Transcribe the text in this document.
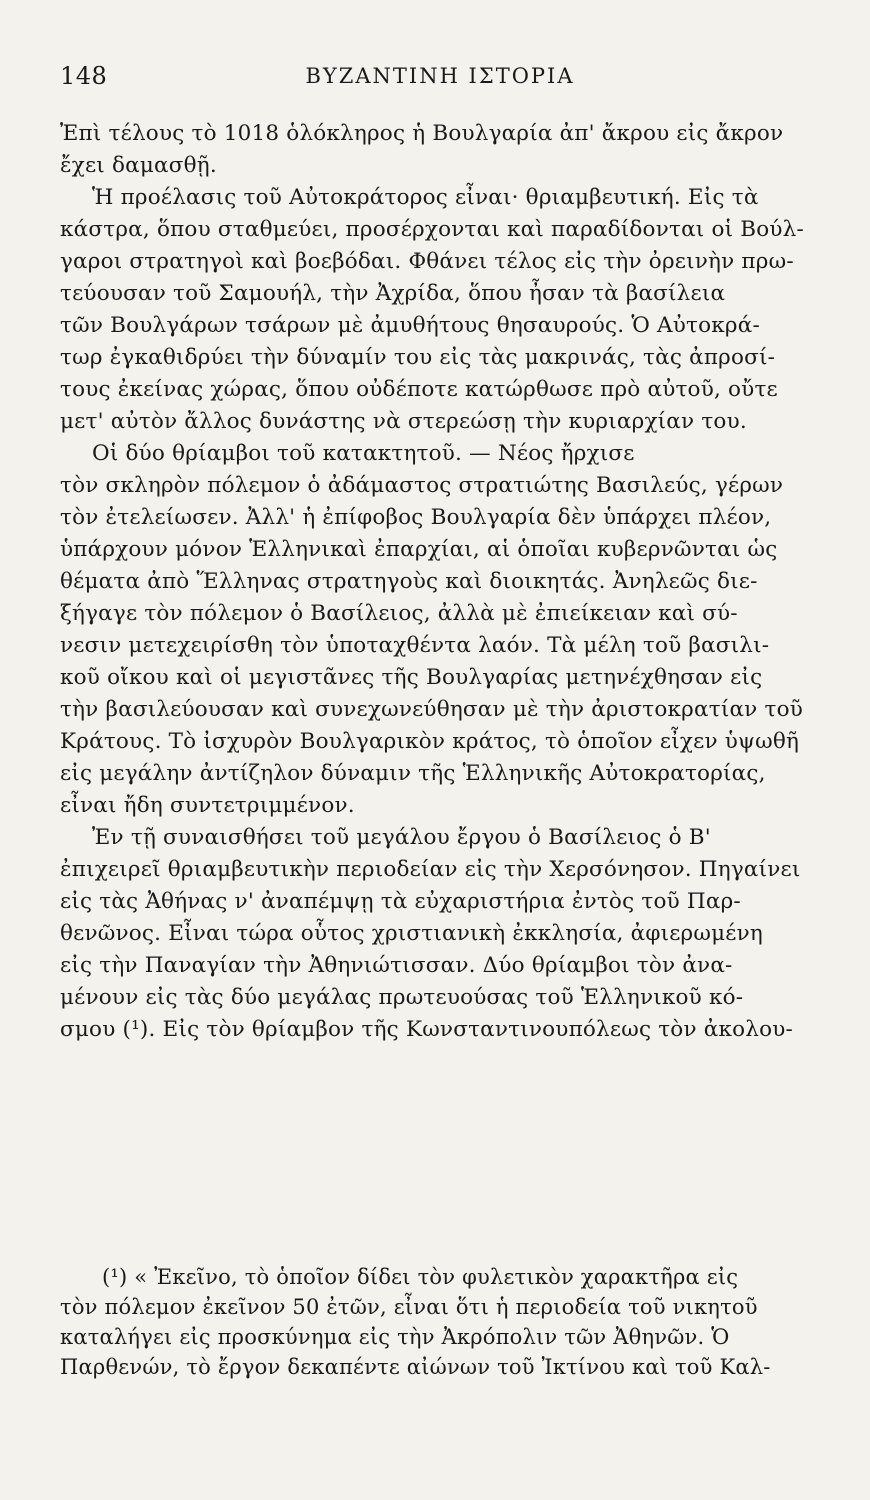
148	ΒΥΖΑΝΤΙΝΗ ΙΣΤΟΡΙΑ
Ἐπὶ τέλους τὸ 1018 ὁλόκληρος ἡ Βουλγαρία ἀπ' ἄκρου εἰς ἄκρον
ἔχει δαμασθῇ.
Ἡ προέλασις τοῦ Αὐτοκράτορος εἶναι· θριαμβευτική. Εἰς τὰ
κάστρα, ὅπου σταθμεύει, προσέρχονται καὶ παραδίδονται οἱ Βούλ-
γαροι στρατηγοὶ καὶ βοεβόδαι. Φθάνει τέλος εἰς τὴν ὀρεινὴν πρω-
τεύουσαν τοῦ Σαμουήλ, τὴν Ἀχρίδα, ὅπου ἦσαν τὰ βασίλεια
τῶν Βουλγάρων τσάρων μὲ ἀμυθήτους θησαυρούς. Ὁ Αὐτοκρά-
τωρ ἐγκαθιδρύει τὴν δύναμίν του εἰς τὰς μακρινάς, τὰς ἀπροσί-
τους ἐκείνας χώρας, ὅπου οὐδέποτε κατώρθωσε πρὸ αὐτοῦ, οὔτε
μετ' αὐτὸν ἄλλος δυνάστης νὰ στερεώσῃ τὴν κυριαρχίαν του.
Οἱ δύο θρίαμβοι τοῦ κατακτητοῦ. — Νέος ἤρχισε
τὸν σκληρὸν πόλεμον ὁ ἀδάμαστος στρατιώτης Βασιλεύς, γέρων
τὸν ἐτελείωσεν. Ἀλλ' ἡ ἐπίφοβος Βουλγαρία δὲν ὑπάρχει πλέον,
ὑπάρχουν μόνον Ἑλληνικαὶ ἐπαρχίαι, αἱ ὁποῖαι κυβερνῶνται ὡς
θέματα ἀπὸ Ἕλληνας στρατηγοὺς καὶ διοικητάς. Ἀνηλεῶς διε-
ξήγαγε τὸν πόλεμον ὁ Βασίλειος, ἀλλὰ μὲ ἐπιείκειαν καὶ σύ-
νεσιν μετεχειρίσθη τὸν ὑποταχθέντα λαόν. Τὰ μέλη τοῦ βασιλι-
κοῦ οἴκου καὶ οἱ μεγιστᾶνες τῆς Βουλγαρίας μετηνέχθησαν εἰς
τὴν βασιλεύουσαν καὶ συνεχωνεύθησαν μὲ τὴν ἀριστοκρατίαν τοῦ
Κράτους. Τὸ ἰσχυρὸν Βουλγαρικὸν κράτος, τὸ ὁποῖον εἶχεν ὑψωθῆ
εἰς μεγάλην ἀντίζηλον δύναμιν τῆς Ἑλληνικῆς Αὐτοκρατορίας,
εἶναι ἤδη συντετριμμένον.
Ἐν τῇ συναισθήσει τοῦ μεγάλου ἔργου ὁ Βασίλειος ὁ Β'
ἐπιχειρεῖ θριαμβευτικὴν περιοδείαν εἰς τὴν Χερσόνησον. Πηγαίνει
εἰς τὰς Ἀθήνας ν' ἀναπέμψῃ τὰ εὐχαριστήρια ἐντὸς τοῦ Παρ-
θενῶνος. Εἶναι τώρα οὗτος χριστιανικὴ ἐκκλησία, ἀφιερωμένη
εἰς τὴν Παναγίαν τὴν Ἀθηνιώτισσαν. Δύο θρίαμβοι τὸν ἀνα-
μένουν εἰς τὰς δύο μεγάλας πρωτευούσας τοῦ Ἑλληνικοῦ κό-
σμου (¹). Εἰς τὸν θρίαμβον τῆς Κωνσταντινουπόλεως τὸν ἀκολου-
(¹) « Ἐκεῖνο, τὸ ὁποῖον δίδει τὸν φυλετικὸν χαρακτῆρα εἰς
τὸν πόλεμον ἐκεῖνον 50 ἐτῶν, εἶναι ὅτι ἡ περιοδεία τοῦ νικητοῦ
καταλήγει εἰς προσκύνημα εἰς τὴν Ἀκρόπολιν τῶν Ἀθηνῶν. Ὁ
Παρθενών, τὸ ἔργον δεκαπέντε αἰώνων τοῦ Ἰκτίνου καὶ τοῦ Καλ-
